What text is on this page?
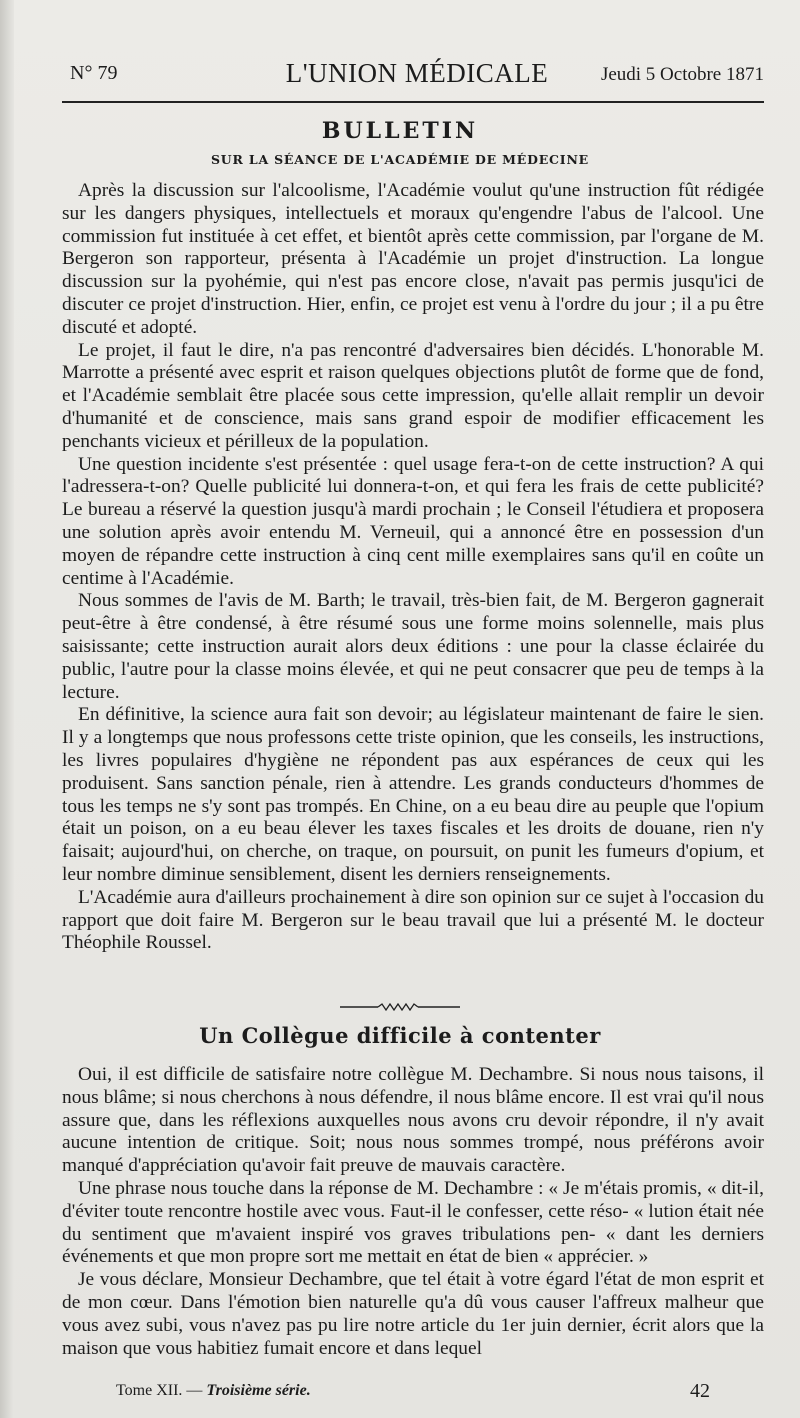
N° 79	L'UNION MÉDICALE	Jeudi 5 Octobre 1871
BULLETIN
SUR LA SÉANCE DE L'ACADÉMIE DE MÉDECINE

Après la discussion sur l'alcoolisme, l'Académie voulut qu'une instruction fût rédigée sur les dangers physiques, intellectuels et moraux qu'engendre l'abus de l'alcool. Une commission fut instituée à cet effet, et bientôt après cette commission, par l'organe de M. Bergeron son rapporteur, présenta à l'Académie un projet d'instruction. La longue discussion sur la pyohémie, qui n'est pas encore close, n'avait pas permis jusqu'ici de discuter ce projet d'instruction. Hier, enfin, ce projet est venu à l'ordre du jour ; il a pu être discuté et adopté.

Le projet, il faut le dire, n'a pas rencontré d'adversaires bien décidés. L'honorable M. Marrotte a présenté avec esprit et raison quelques objections plutôt de forme que de fond, et l'Académie semblait être placée sous cette impression, qu'elle allait remplir un devoir d'humanité et de conscience, mais sans grand espoir de modifier efficacement les penchants vicieux et périlleux de la population.

Une question incidente s'est présentée : quel usage fera-t-on de cette instruction? A qui l'adressera-t-on? Quelle publicité lui donnera-t-on, et qui fera les frais de cette publicité? Le bureau a réservé la question jusqu'à mardi prochain ; le Conseil l'étudiera et proposera une solution après avoir entendu M. Verneuil, qui a annoncé être en possession d'un moyen de répandre cette instruction à cinq cent mille exemplaires sans qu'il en coûte un centime à l'Académie.

Nous sommes de l'avis de M. Barth; le travail, très-bien fait, de M. Bergeron gagnerait peut-être à être condensé, à être résumé sous une forme moins solennelle, mais plus saisissante; cette instruction aurait alors deux éditions : une pour la classe éclairée du public, l'autre pour la classe moins élevée, et qui ne peut consacrer que peu de temps à la lecture.

En définitive, la science aura fait son devoir; au législateur maintenant de faire le sien. Il y a longtemps que nous professons cette triste opinion, que les conseils, les instructions, les livres populaires d'hygiène ne répondent pas aux espérances de ceux qui les produisent. Sans sanction pénale, rien à attendre. Les grands conducteurs d'hommes de tous les temps ne s'y sont pas trompés. En Chine, on a eu beau dire au peuple que l'opium était un poison, on a eu beau élever les taxes fiscales et les droits de douane, rien n'y faisait; aujourd'hui, on cherche, on traque, on poursuit, on punit les fumeurs d'opium, et leur nombre diminue sensiblement, disent les derniers renseignements.

L'Académie aura d'ailleurs prochainement à dire son opinion sur ce sujet à l'occasion du rapport que doit faire M. Bergeron sur le beau travail que lui a présenté M. le docteur Théophile Roussel.

Un Collègue difficile à contenter

Oui, il est difficile de satisfaire notre collègue M. Dechambre. Si nous nous taisons, il nous blâme; si nous cherchons à nous défendre, il nous blâme encore. Il est vrai qu'il nous assure que, dans les réflexions auxquelles nous avons cru devoir répondre, il n'y avait aucune intention de critique. Soit; nous nous sommes trompé, nous préférons avoir manqué d'appréciation qu'avoir fait preuve de mauvais caractère.

Une phrase nous touche dans la réponse de M. Dechambre : « Je m'étais promis, « dit-il, d'éviter toute rencontre hostile avec vous. Faut-il le confesser, cette réso- « lution était née du sentiment que m'avaient inspiré vos graves tribulations pen- « dant les derniers événements et que mon propre sort me mettait en état de bien « apprécier. »

Je vous déclare, Monsieur Dechambre, que tel était à votre égard l'état de mon esprit et de mon cœur. Dans l'émotion bien naturelle qu'a dû vous causer l'affreux malheur que vous avez subi, vous n'avez pas pu lire notre article du 1er juin dernier, écrit alors que la maison que vous habitiez fumait encore et dans lequel

Tome XII. — Troisième série.	42
